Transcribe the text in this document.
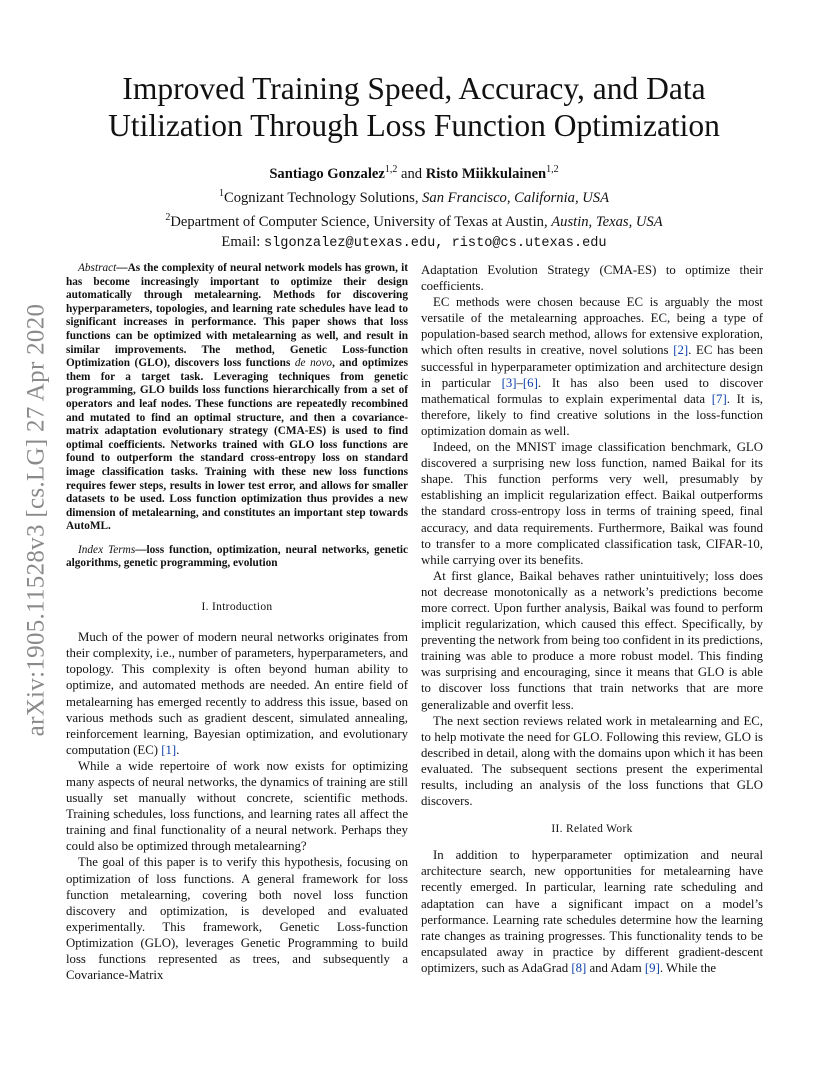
arXiv:1905.11528v3 [cs.LG] 27 Apr 2020
Improved Training Speed, Accuracy, and Data
Utilization Through Loss Function Optimization
Santiago Gonzalez$^{1,2}$ and Risto Miikkulainen$^{1,2}$
$^1$Cognizant Technology Solutions, San Francisco, California, USA
$^2$Department of Computer Science, University of Texas at Austin, Austin, Texas, USA
Email: slgonzalez@utexas.edu, risto@cs.utexas.edu

Abstract—As the complexity of neural network models has grown, it has become increasingly important to optimize their design automatically through metalearning. Methods for discovering hyperparameters, topologies, and learning rate schedules have lead to significant increases in performance. This paper shows that loss functions can be optimized with metalearning as well, and result in similar improvements. The method, Genetic Loss-function Optimization (GLO), discovers loss functions de novo, and optimizes them for a target task. Leveraging techniques from genetic programming, GLO builds loss functions hierarchically from a set of operators and leaf nodes. These functions are repeatedly recombined and mutated to find an optimal structure, and then a covariance-matrix adaptation evolutionary strategy (CMA-ES) is used to find optimal coefficients. Networks trained with GLO loss functions are found to outperform the standard cross-entropy loss on standard image classification tasks. Training with these new loss functions requires fewer steps, results in lower test error, and allows for smaller datasets to be used. Loss function optimization thus provides a new dimension of metalearning, and constitutes an important step towards AutoML.

Index Terms—loss function, optimization, neural networks, genetic algorithms, genetic programming, evolution

I. Introduction

Much of the power of modern neural networks originates from their complexity, i.e., number of parameters, hyperparameters, and topology. This complexity is often beyond human ability to optimize, and automated methods are needed. An entire field of metalearning has emerged recently to address this issue, based on various methods such as gradient descent, simulated annealing, reinforcement learning, Bayesian optimization, and evolutionary computation (EC) [1].

While a wide repertoire of work now exists for optimizing many aspects of neural networks, the dynamics of training are still usually set manually without concrete, scientific methods. Training schedules, loss functions, and learning rates all affect the training and final functionality of a neural network. Perhaps they could also be optimized through metalearning?

The goal of this paper is to verify this hypothesis, focusing on optimization of loss functions. A general framework for loss function metalearning, covering both novel loss function discovery and optimization, is developed and evaluated experimentally. This framework, Genetic Loss-function Optimization (GLO), leverages Genetic Programming to build loss functions represented as trees, and subsequently a Covariance-Matrix

Adaptation Evolution Strategy (CMA-ES) to optimize their coefficients.

EC methods were chosen because EC is arguably the most versatile of the metalearning approaches. EC, being a type of population-based search method, allows for extensive exploration, which often results in creative, novel solutions [2]. EC has been successful in hyperparameter optimization and architecture design in particular [3]–[6]. It has also been used to discover mathematical formulas to explain experimental data [7]. It is, therefore, likely to find creative solutions in the loss-function optimization domain as well.

Indeed, on the MNIST image classification benchmark, GLO discovered a surprising new loss function, named Baikal for its shape. This function performs very well, presumably by establishing an implicit regularization effect. Baikal outperforms the standard cross-entropy loss in terms of training speed, final accuracy, and data requirements. Furthermore, Baikal was found to transfer to a more complicated classification task, CIFAR-10, while carrying over its benefits.

At first glance, Baikal behaves rather unintuitively; loss does not decrease monotonically as a network’s predictions become more correct. Upon further analysis, Baikal was found to perform implicit regularization, which caused this effect. Specifically, by preventing the network from being too confident in its predictions, training was able to produce a more robust model. This finding was surprising and encouraging, since it means that GLO is able to discover loss functions that train networks that are more generalizable and overfit less.

The next section reviews related work in metalearning and EC, to help motivate the need for GLO. Following this review, GLO is described in detail, along with the domains upon which it has been evaluated. The subsequent sections present the experimental results, including an analysis of the loss functions that GLO discovers.

II. Related Work

In addition to hyperparameter optimization and neural architecture search, new opportunities for metalearning have recently emerged. In particular, learning rate scheduling and adaptation can have a significant impact on a model’s performance. Learning rate schedules determine how the learning rate changes as training progresses. This functionality tends to be encapsulated away in practice by different gradient-descent optimizers, such as AdaGrad [8] and Adam [9]. While the
